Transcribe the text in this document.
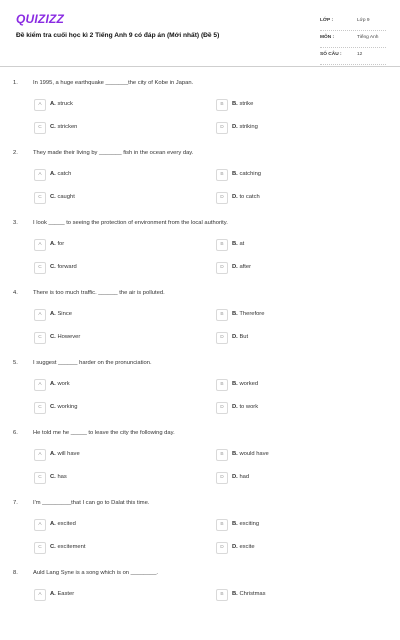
QUIZIZZ
Đề kiểm tra cuối học kì 2 Tiếng Anh 9 có đáp án (Mới nhất) (Đề 5)
LỚP :	Lớp 9
MÔN :	Tiếng Anh
SỐ CÂU :	12
1.	In 1995, a huge earthquake _______the city of Kobe in Japan.
A	A. struck	B	B. strike
C	C. stricken	D	D. striking
2.	They made their living by _______ fish in the ocean every day.
A	A. catch	B	B. catching
C	C. caught	D	D. to catch
3.	I look _____ to seeing the protection of environment from the local authority.
A	A. for	B	B. at
C	C. forward	D	D. after
4.	There is too much traffic. ______ the air is polluted.
A	A. Since	B	B. Therefore
C	C. However	D	D. But
5.	I suggest ______ harder on the pronunciation.
A	A. work	B	B. worked
C	C. working	D	D. to work
6.	He told me he _____ to leave the city the following day.
A	A. will have	B	B. would have
C	C. has	D	D. had
7.	I'm _________that I can go to Dalat this time.
A	A. excited	B	B. exciting
C	C. excitement	D	D. excite
8.	Auld Lang Syne is a song which is on ________.
A	A. Easter	B	B. Christmas
